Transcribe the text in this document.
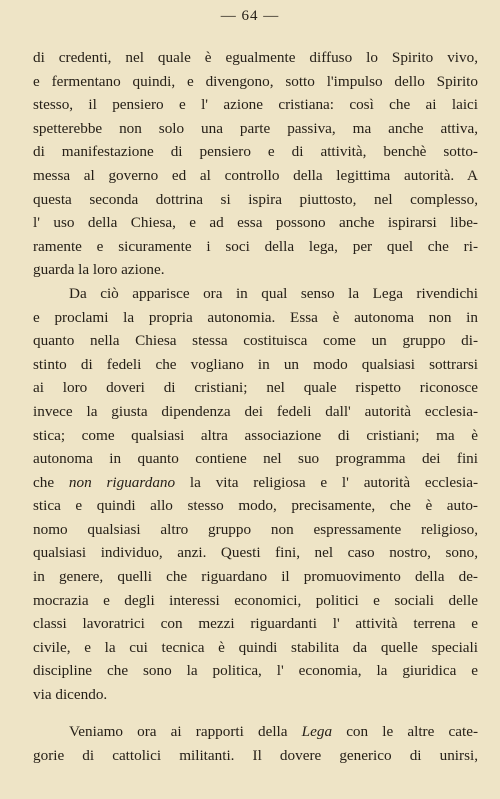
— 64 —
di credenti, nel quale è egualmente diffuso lo Spirito vivo,
e fermentano quindi, e divengono, sotto l'impulso dello Spirito
stesso, il pensiero e l' azione cristiana: così che ai laici
spetterebbe non solo una parte passiva, ma anche attiva,
di manifestazione di pensiero e di attività, benchè sotto-
messa al governo ed al controllo della legittima autorità. A
questa seconda dottrina si ispira piuttosto, nel complesso,
l' uso della Chiesa, e ad essa possono anche ispirarsi libe-
ramente e sicuramente i soci della lega, per quel che ri-
guarda la loro azione.
Da ciò apparisce ora in qual senso la Lega rivendichi
e proclami la propria autonomia. Essa è autonoma non in
quanto nella Chiesa stessa costituisca come un gruppo di-
stinto di fedeli che vogliano in un modo qualsiasi sottrarsi
ai loro doveri di cristiani; nel quale rispetto riconosce
invece la giusta dipendenza dei fedeli dall' autorità ecclesia-
stica; come qualsiasi altra associazione di cristiani; ma è
autonoma in quanto contiene nel suo programma dei fini
che non riguardano la vita religiosa e l' autorità ecclesia-
stica e quindi allo stesso modo, precisamente, che è auto-
nomo qualsiasi altro gruppo non espressamente religioso,
qualsiasi individuo, anzi. Questi fini, nel caso nostro, sono,
in genere, quelli che riguardano il promuovimento della de-
mocrazia e degli interessi economici, politici e sociali delle
classi lavoratrici con mezzi riguardanti l' attività terrena e
civile, e la cui tecnica è quindi stabilita da quelle speciali
discipline che sono la politica, l' economia, la giuridica e
via dicendo.
Veniamo ora ai rapporti della Lega con le altre cate-
gorie di cattolici militanti. Il dovere generico di unirsi,
